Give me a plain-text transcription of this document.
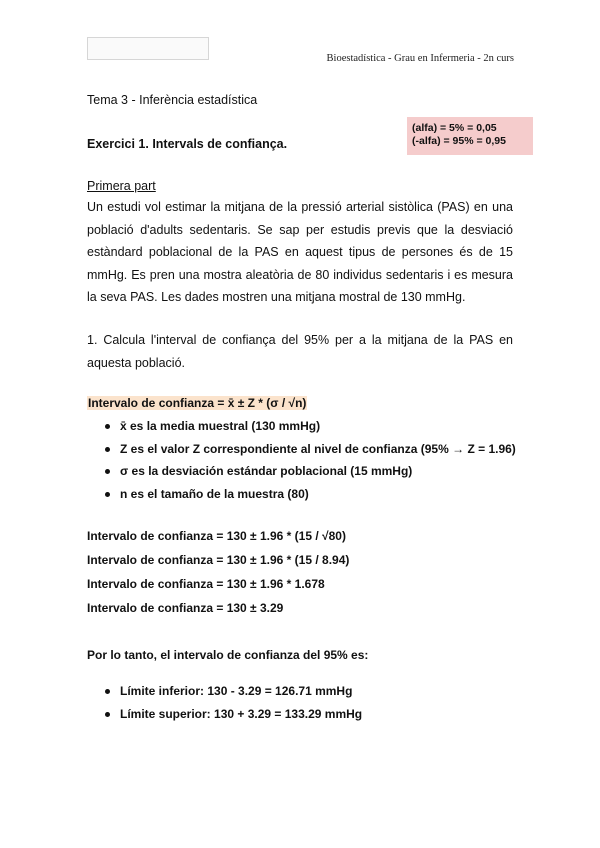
Bioestadística - Grau en Infermeria - 2n curs
Tema 3 - Inferència estadística
(alfa) = 5% = 0,05
(-alfa) = 95% = 0,95
Exercici 1. Intervals de confiança.
Primera part

Un estudi vol estimar la mitjana de la pressió arterial sistòlica (PAS) en una població d'adults sedentaris. Se sap per estudis previs que la desviació estàndard poblacional de la PAS en aquest tipus de persones és de 15 mmHg. Es pren una mostra aleatòria de 80 individus sedentaris i es mesura la seva PAS. Les dades mostren una mitjana mostral de 130 mmHg.

1. Calcula l'interval de confiança del 95% per a la mitjana de la PAS en aquesta població.

Intervalo de confianza = x̄ ± Z * (σ / √n)
x̄ es la media muestral (130 mmHg)
Z es el valor Z correspondiente al nivel de confianza (95% → Z = 1.96)
σ es la desviación estándar poblacional (15 mmHg)
n es el tamaño de la muestra (80)
Intervalo de confianza = 130 ± 1.96 * (15 / √80)
Intervalo de confianza = 130 ± 1.96 * (15 / 8.94)
Intervalo de confianza = 130 ± 1.96 * 1.678
Intervalo de confianza = 130 ± 3.29
Por lo tanto, el intervalo de confianza del 95% es:
Límite inferior: 130 - 3.29 = 126.71 mmHg
Límite superior: 130 + 3.29 = 133.29 mmHg
